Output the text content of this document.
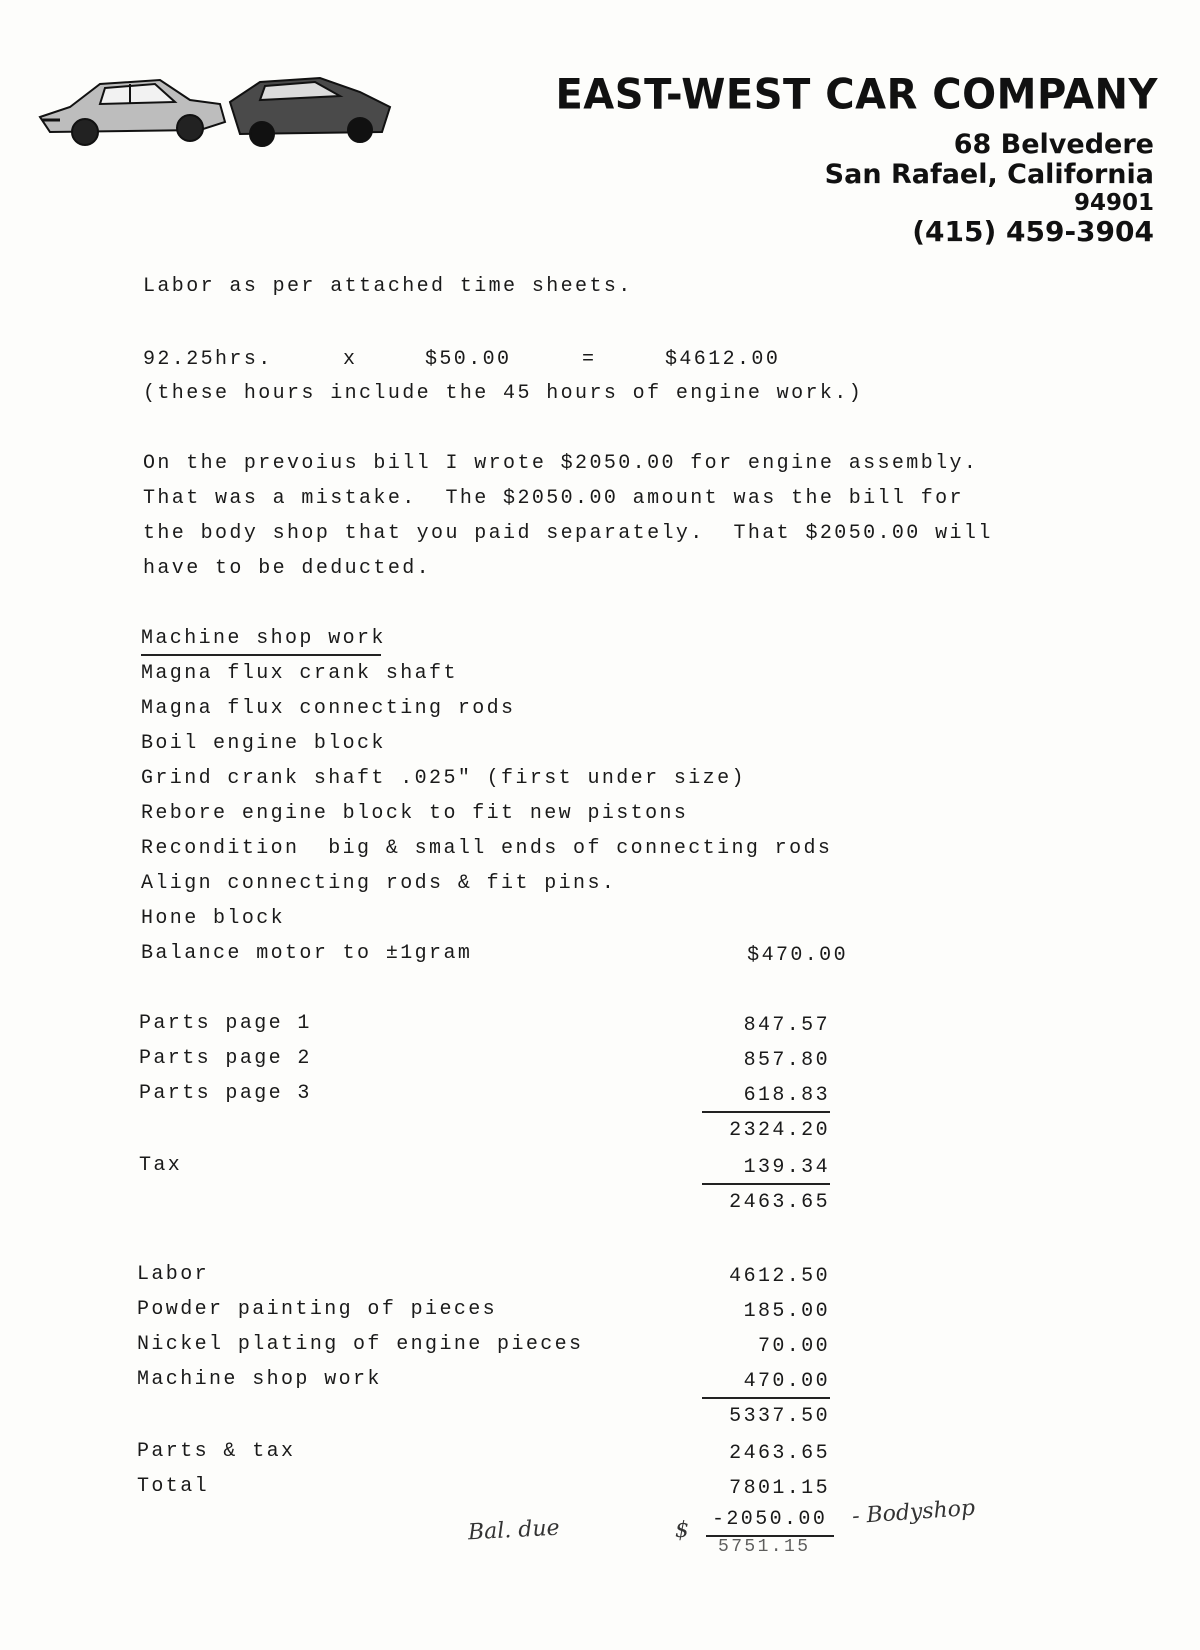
EAST-WEST CAR COMPANY
68 Belvedere
San Rafael, California
94901
(415) 459-3904
Labor as per attached time sheets.
92.25hrs.	x	$50.00	=	$4612.00
(these hours include the 45 hours of engine work.)
On the prevoius bill I wrote $2050.00 for engine assembly.
That was a mistake.  The $2050.00 amount was the bill for
the body shop that you paid separately.  That $2050.00 will
have to be deducted.
Machine shop work
Magna flux crank shaft
Magna flux connecting rods
Boil engine block
Grind crank shaft .025" (first under size)
Rebore engine block to fit new pistons
Recondition  big & small ends of connecting rods
Align connecting rods & fit pins.
Hone block
Balance motor to ±1gram	$470.00
Parts page 1	847.57
Parts page 2	857.80
Parts page 3	618.83
2324.20
Tax	139.34
2463.65
Labor	4612.50
Powder painting of pieces	185.00
Nickel plating of engine pieces	70.00
Machine shop work	470.00
5337.50
Parts & tax	2463.65
Total	7801.15
Bal. due	$ -2050.00 - Bodyshop
5751.15
